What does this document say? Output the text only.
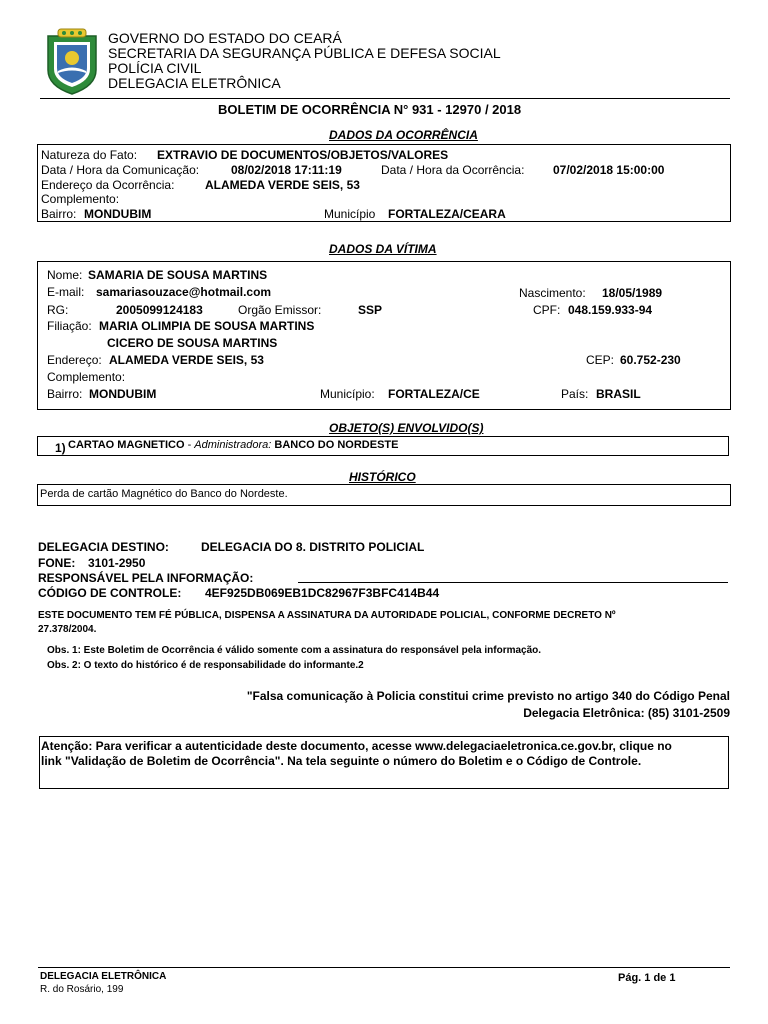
GOVERNO DO ESTADO DO CEARÁ
SECRETARIA DA SEGURANÇA PÚBLICA E DEFESA SOCIAL
POLÍCIA CIVIL
DELEGACIA ELETRÔNICA
BOLETIM DE OCORRÊNCIA N° 931 - 12970 / 2018
DADOS DA OCORRÊNCIA
Natureza do Fato: EXTRAVIO DE DOCUMENTOS/OBJETOS/VALORES
Data / Hora da Comunicação:	08/02/2018 17:11:19	Data / Hora da Ocorrência: 07/02/2018 15:00:00
Endereço da Ocorrência:	ALAMEDA VERDE SEIS, 53
Complemento:
Bairro: MONDUBIM	Município FORTALEZA/CEARA
DADOS DA VÍTIMA
Nome: SAMARIA DE SOUSA MARTINS
E-mail: samariasouzace@hotmail.com	Nascimento: 18/05/1989
RG:	2005099124183	Orgão Emissor:	SSP	CPF: 048.159.933-94
Filiação: MARIA OLIMPIA DE SOUSA MARTINS
CICERO DE SOUSA MARTINS
Endereço: ALAMEDA VERDE SEIS, 53	CEP: 60.752-230
Complemento:
Bairro: MONDUBIM	Município: FORTALEZA/CE	País: BRASIL
OBJETO(S) ENVOLVIDO(S)
1) CARTAO MAGNETICO - Administradora: BANCO DO NORDESTE
HISTÓRICO
Perda de cartão Magnético do Banco do Nordeste.
DELEGACIA DESTINO:	DELEGACIA DO 8. DISTRITO POLICIAL
FONE: 3101-2950
RESPONSÁVEL PELA INFORMAÇÃO:
CÓDIGO DE CONTROLE: 4EF925DB069EB1DC82967F3BFC414B44
ESTE DOCUMENTO TEM FÉ PÚBLICA, DISPENSA A ASSINATURA DA AUTORIDADE POLICIAL, CONFORME DECRETO Nº
27.378/2004.
Obs. 1: Este Boletim de Ocorrência é válido somente com a assinatura do responsável pela informação.
Obs. 2: O texto do histórico é de responsabilidade do informante.2
"Falsa comunicação à Policia constitui crime previsto no artigo 340 do Código Penal
Delegacia Eletrônica: (85) 3101-2509
Atenção: Para verificar a autenticidade deste documento, acesse www.delegaciaeletronica.ce.gov.br, clique no
link "Validação de Boletim de Ocorrência". Na tela seguinte o número do Boletim e o Código de Controle.
DELEGACIA ELETRÔNICA
R. do Rosário, 199
Pág. 1 de 1
